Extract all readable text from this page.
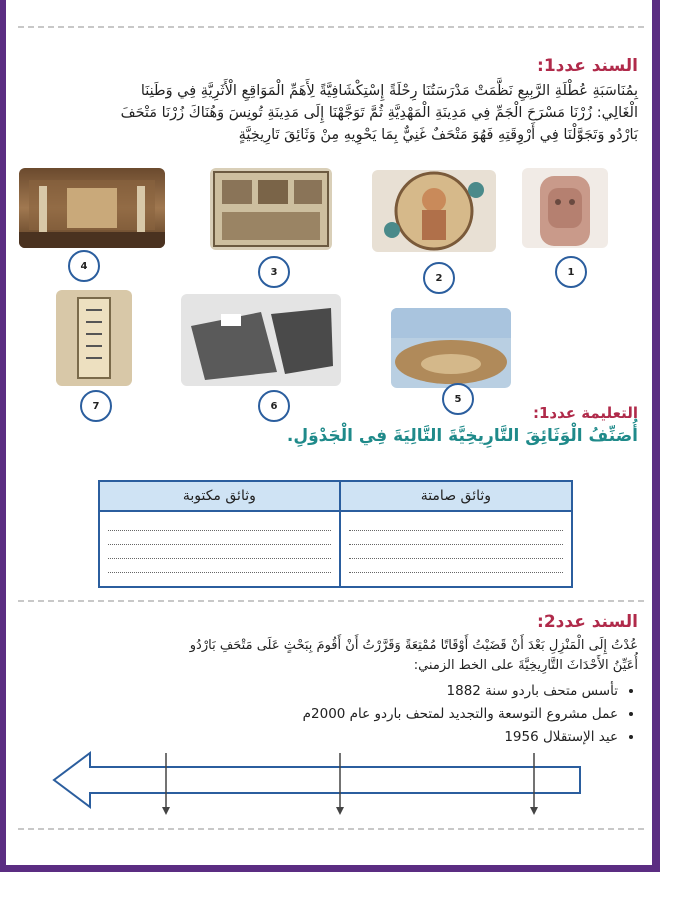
السند عدد1:
بِمُنَاسَبَةِ عُطْلَةِ الرَّبِيعِ نَظَّمَتْ مَدْرَسَتُنَا رِحْلَةً إِسْتِكْشَافِيَّةً لِأَهَمِّ الْمَوَاقِعِ الْأَثَرِيَّةِ فِي وَطَنِنَا
الْغَالِي: زُرْنَا مَسْرَحَ الْجَمِّ فِي مَدِينَةِ الْمَهْدِيَّةِ ثُمَّ تَوَجَّهْنَا إِلَى مَدِينَةِ تُونِسَ وَهُنَاكَ زُرْنَا مَتْحَفَ
بَارْدُو وَتَجَوَّلْنَا فِي أَرْوِقَتِهِ فَهُوَ مَتْحَفٌ غَنِيٌّ بِمَا يَحْوِيهِ مِنْ وَثَائِقَ تَارِيخِيَّةٍ
4
3
2
1
7	6
5
التعليمة عدد1:
أُصَنِّفُ الْوَثَائِقَ التَّارِيخِيَّةَ التَّالِيَةَ فِي الْجَدْوَلِ.
وثائق صامتة	وثائق مكتوبة

السند عدد2:
عُدْتُ إِلَى الْمَنْزِلِ بَعْدَ أَنْ قَضَيْتُ أَوْقَاتًا مُمْتِعَةً وَقَرَّرْتُ أَنْ أَقُومَ بِبَحْثٍ عَلَى مَتْحَفِ بَارْدُو
أُعَيِّنُ الأَحْدَاثَ التَّارِيخِيَّةَ على الخط الزمني:
• تأسس متحف باردو سنة 1882
• عمل مشروع التوسعة والتجديد لمتحف باردو عام 2000م
• عيد الإستقلال 1956
